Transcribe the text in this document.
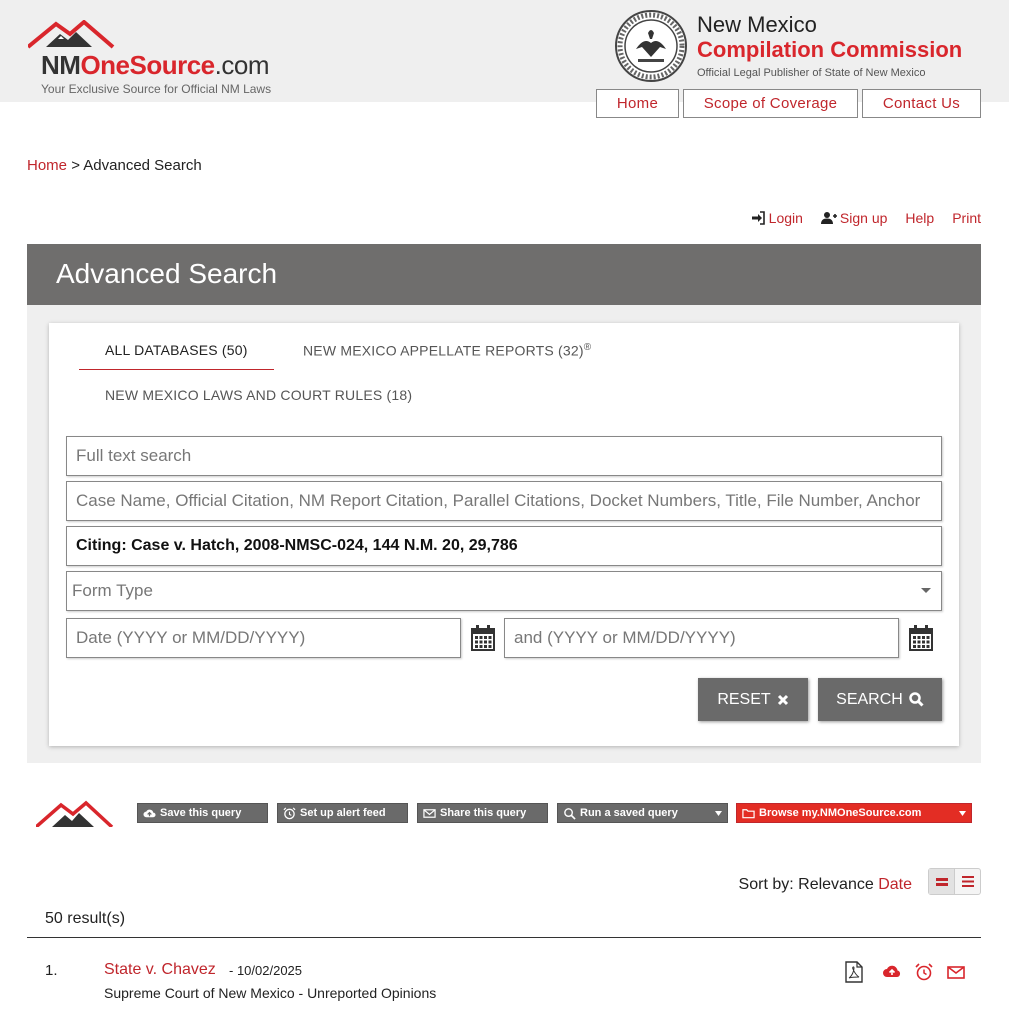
NMOneSource.com
Your Exclusive Source for Official NM Laws
New Mexico
Compilation Commission
Official Legal Publisher of State of New Mexico
Home	Scope of Coverage	Contact Us
Home > Advanced Search
Login	Sign up Help Print
Advanced Search
ALL DATABASES (50)	NEW MEXICO APPELLATE REPORTS (32)®
NEW MEXICO LAWS AND COURT RULES (18)
Full text search
Case Name, Official Citation, NM Report Citation, Parallel Citations, Docket Numbers, Title, File Number, Anchor
Citing: Case v. Hatch, 2008-NMSC-024, 144 N.M. 20, 29,786
Form Type
Date (YYYY or MM/DD/YYYY)	and (YYYY or MM/DD/YYYY)
RESET	SEARCH
Save this query	Set up alert feed	Share this query	Run a saved query	Browse my.NMOneSource.com
Sort by: Relevance Date
50 result(s)
1.	State v. Chavez - 10/02/2025
Supreme Court of New Mexico - Unreported Opinions
